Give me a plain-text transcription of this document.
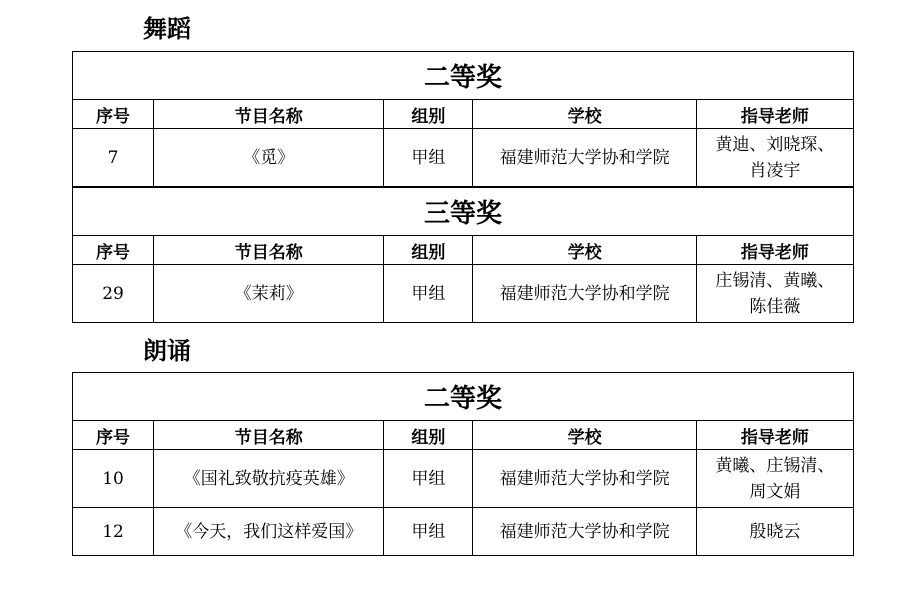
舞蹈
二等奖				
序号	节目名称	组别	学校	指导老师
7	《觅》	甲组	福建师范大学协和学院	黄迪、刘晓琛、
肖凌宇
三等奖				
序号	节目名称	组别	学校	指导老师
29	《茉莉》	甲组	福建师范大学协和学院	庄锡清、黄曦、
陈佳薇
朗诵
二等奖				
序号	节目名称	组别	学校	指导老师
10	《国礼致敬抗疫英雄》	甲组	福建师范大学协和学院	黄曦、庄锡清、
周文娟

12	《今天，我们这样爱国》	甲组	福建师范大学协和学院	殷晓云
